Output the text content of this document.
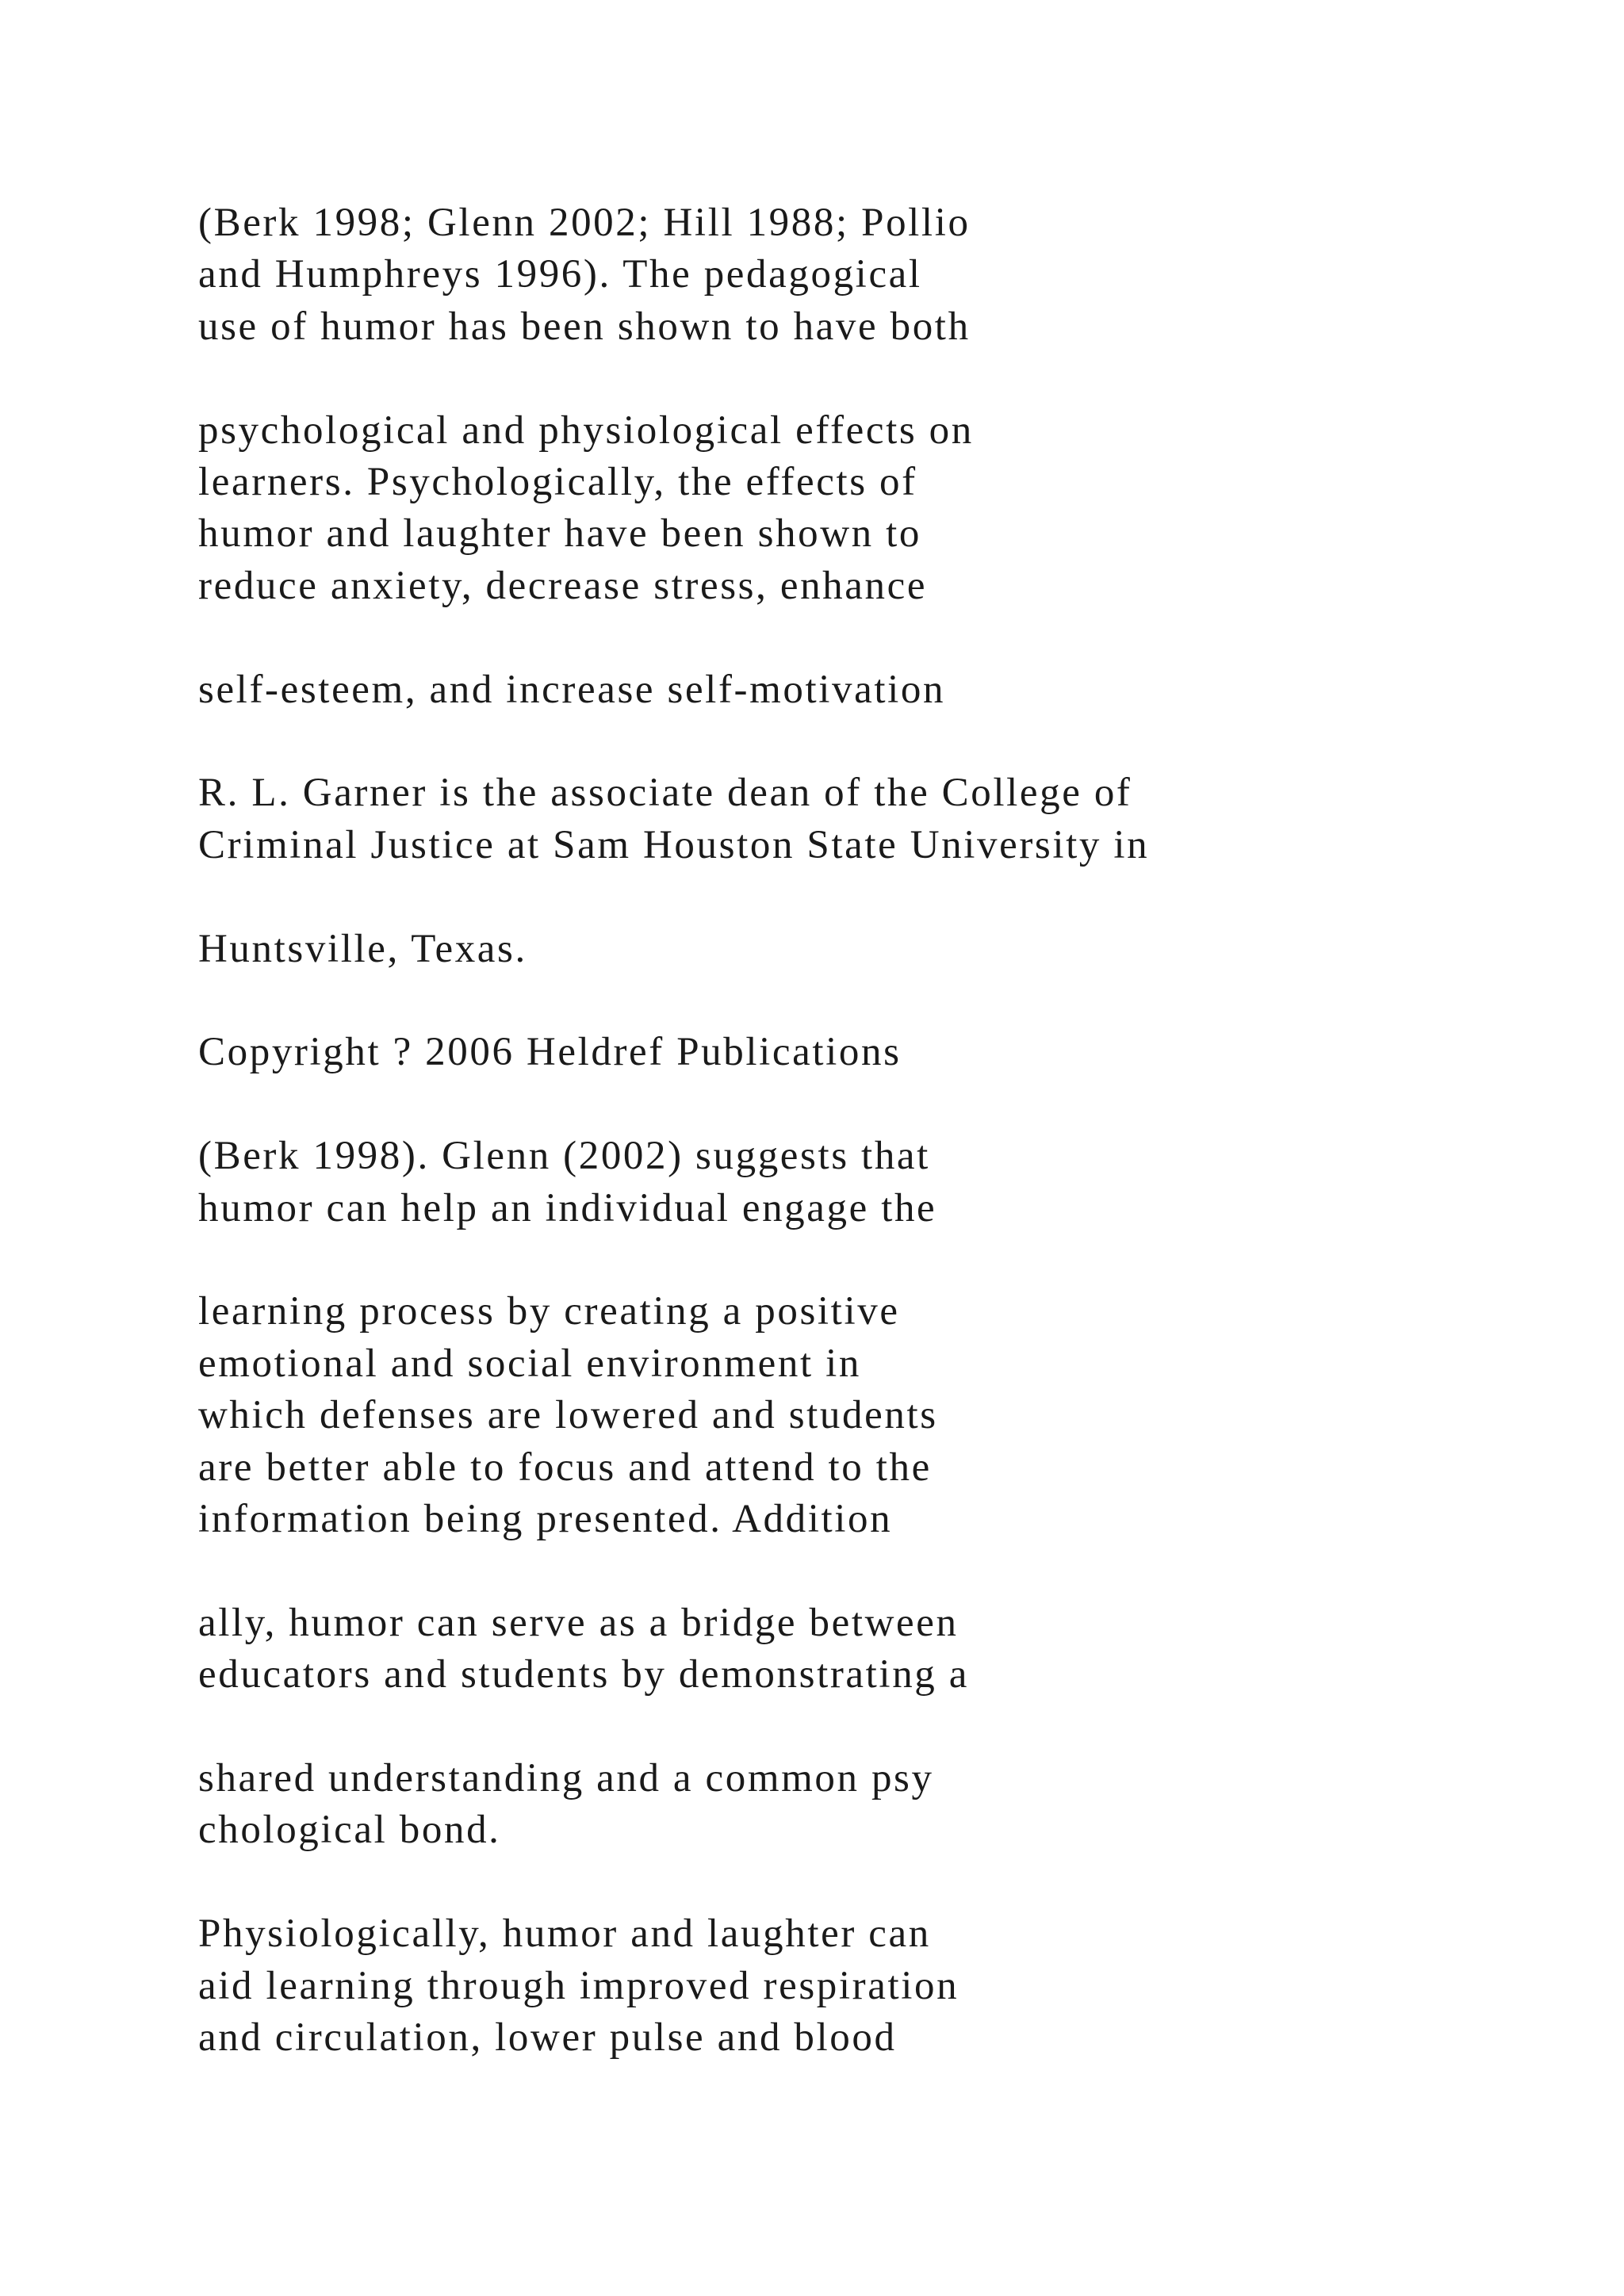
(Berk 1998; Glenn 2002; Hill 1988; Pollio
and Humphreys 1996). The pedagogical
use of humor has been shown to have both

psychological and physiological effects on
learners. Psychologically, the effects of
humor and laughter have been shown to
reduce anxiety, decrease stress, enhance

self-esteem, and increase self-motivation

R. L. Garner is the associate dean of the College of
Criminal Justice at Sam Houston State University in

Huntsville, Texas.

Copyright ? 2006 Heldref Publications

(Berk 1998). Glenn (2002) suggests that
humor can help an individual engage the

learning process by creating a positive
emotional and social environment in
which defenses are lowered and students
are better able to focus and attend to the
information being presented. Addition

ally, humor can serve as a bridge between
educators and students by demonstrating a

shared understanding and a common psy
chological bond.

Physiologically, humor and laughter can
aid learning through improved respiration
and circulation, lower pulse and blood
